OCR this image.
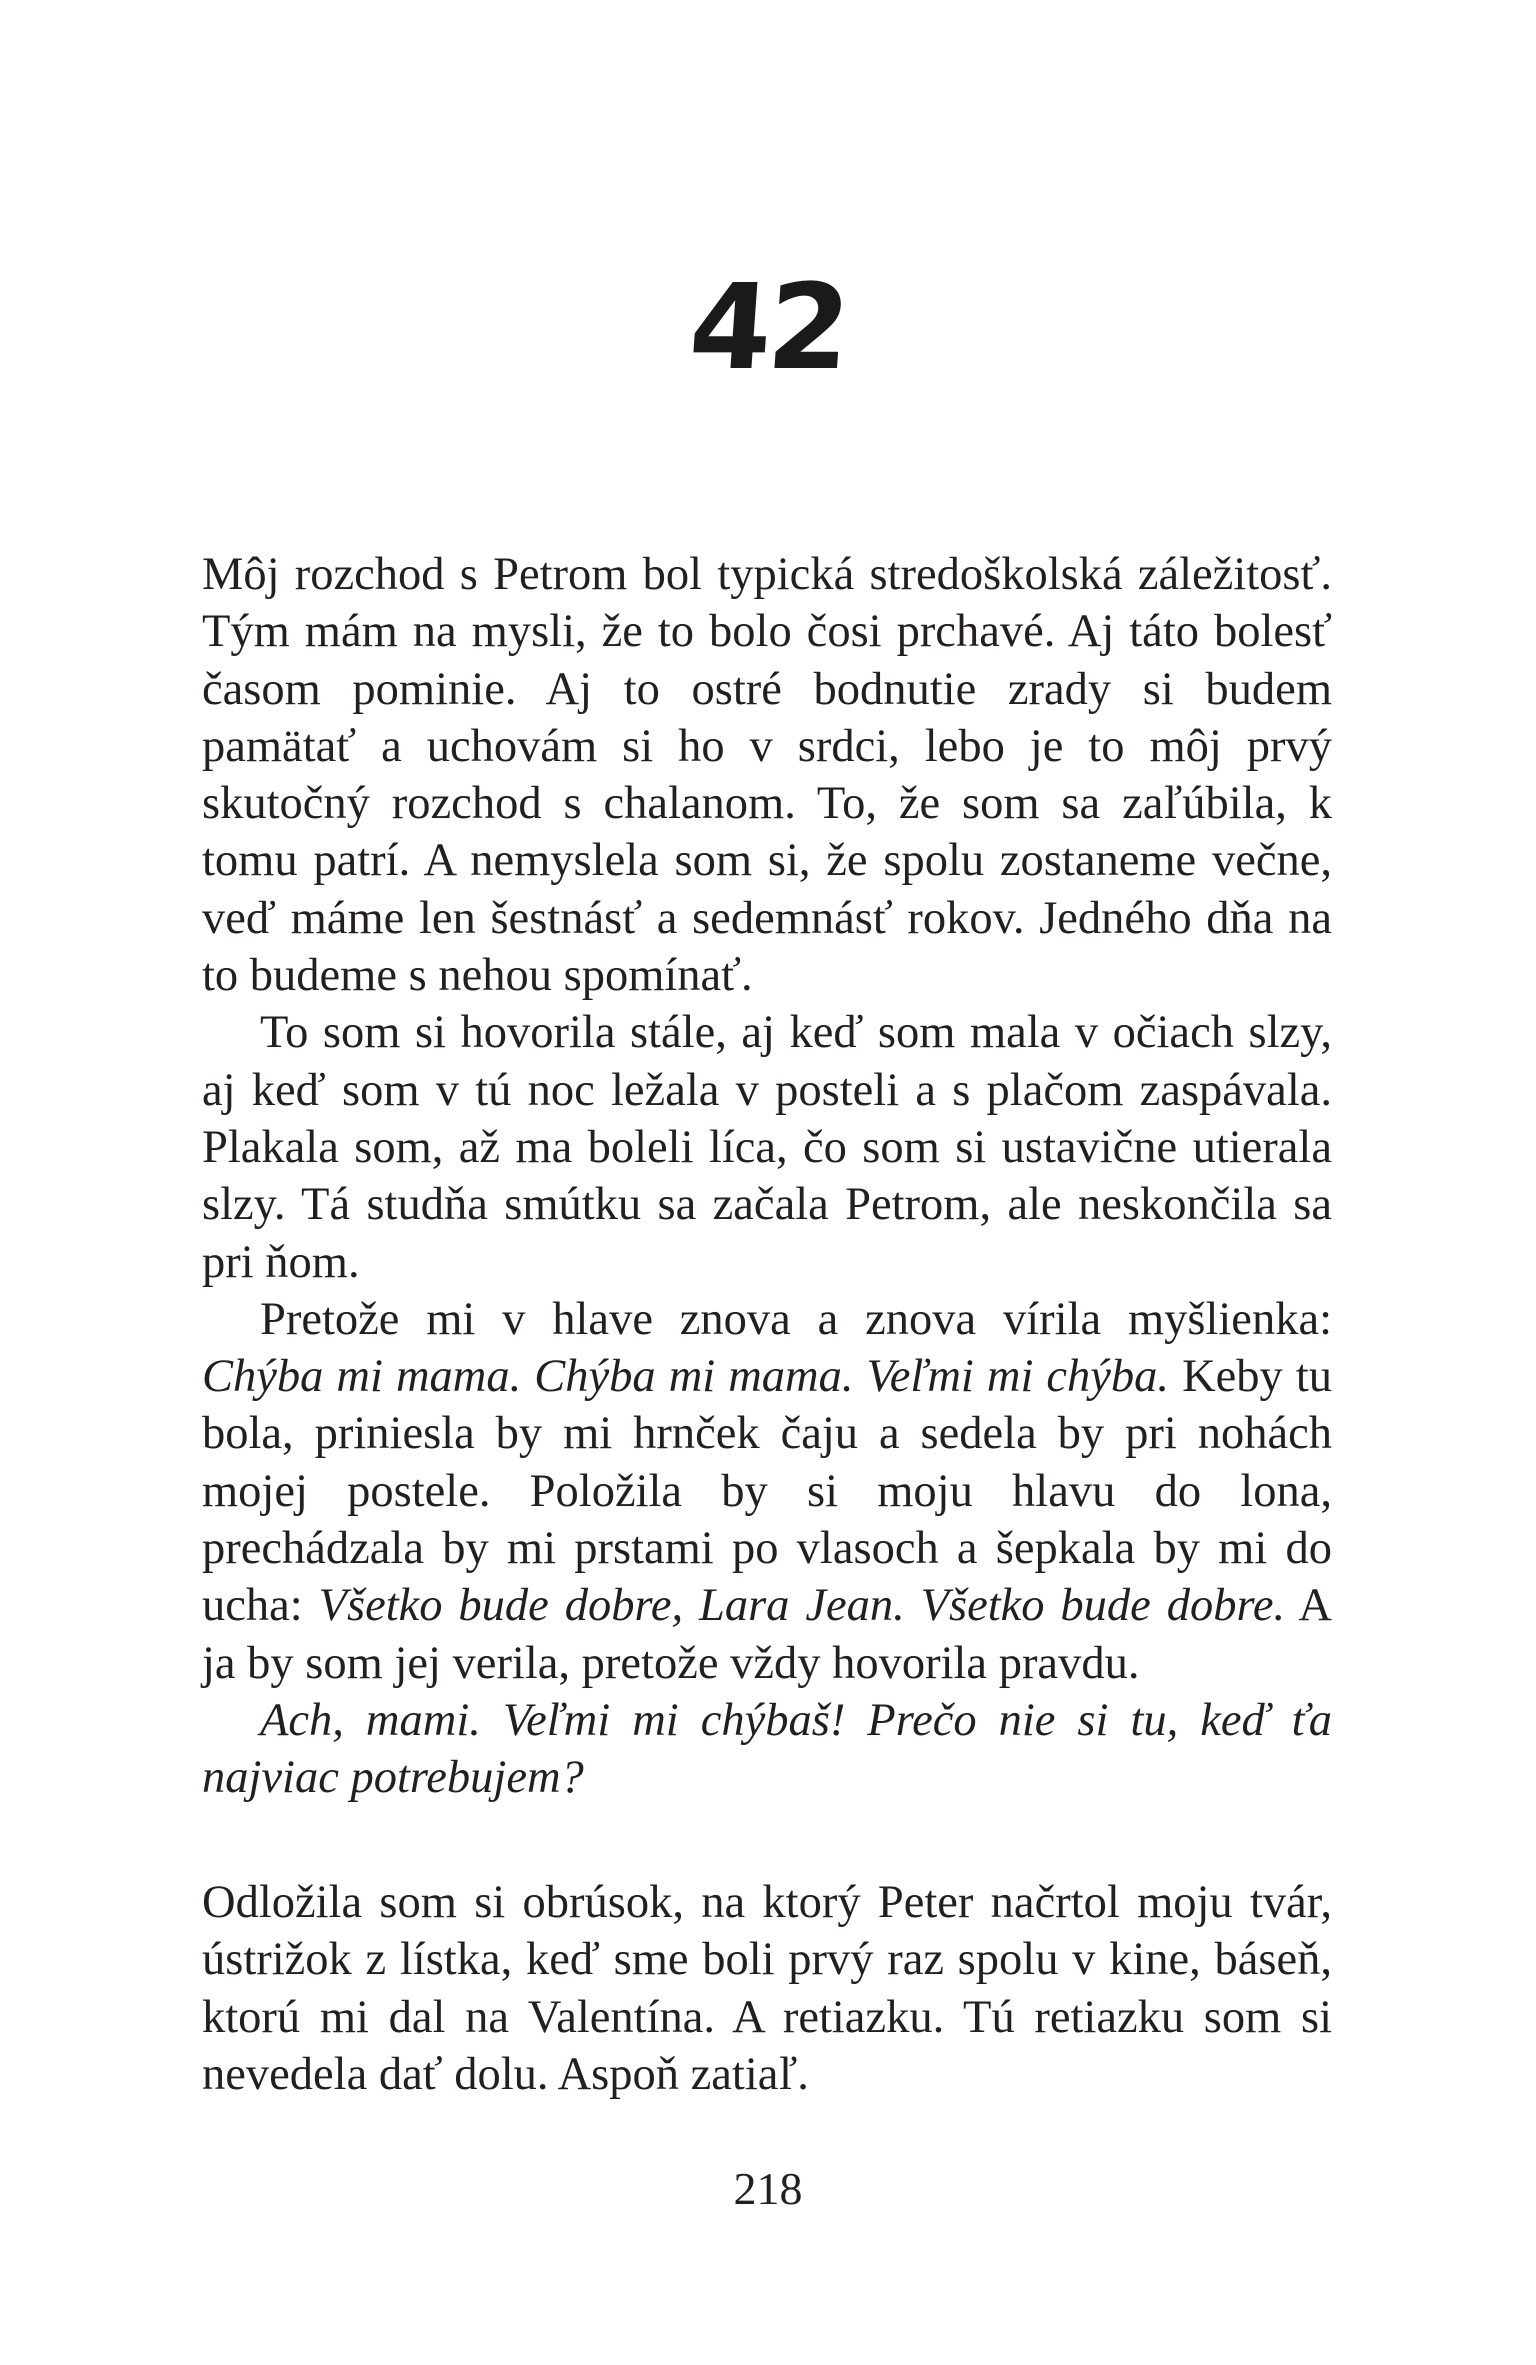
42

Môj rozchod s Petrom bol typická stredoškolská záležitosť. Tým mám na mysli, že to bolo čosi prchavé. Aj táto bolesť časom pominie. Aj to ostré bodnutie zrady si budem pamätať a uchovám si ho v srdci, lebo je to môj prvý skutočný rozchod s chalanom. To, že som sa zaľúbila, k tomu patrí. A nemyslela som si, že spolu zostaneme večne, veď máme len šestnásť a sedemnásť rokov. Jedného dňa na to budeme s nehou spomínať.

To som si hovorila stále, aj keď som mala v očiach slzy, aj keď som v tú noc ležala v posteli a s plačom zaspávala. Plakala som, až ma boleli líca, čo som si ustavične utierala slzy. Tá studňa smútku sa začala Petrom, ale neskončila sa pri ňom.

Pretože mi v hlave znova a znova vírila myšlienka: Chýba mi mama. Chýba mi mama. Veľmi mi chýba. Keby tu bola, priniesla by mi hrnček čaju a sedela by pri nohách mojej postele. Položila by si moju hlavu do lona, prechádzala by mi prstami po vlasoch a šepkala by mi do ucha: Všetko bude dobre, Lara Jean. Všetko bude dobre. A ja by som jej verila, pretože vždy hovorila pravdu.

Ach, mami. Veľmi mi chýbaš! Prečo nie si tu, keď ťa najviac potrebujem?

Odložila som si obrúsok, na ktorý Peter načrtol moju tvár, ústrižok z lístka, keď sme boli prvý raz spolu v kine, báseň, ktorú mi dal na Valentína. A retiazku. Tú retiazku som si nevedela dať dolu. Aspoň zatiaľ.

218
